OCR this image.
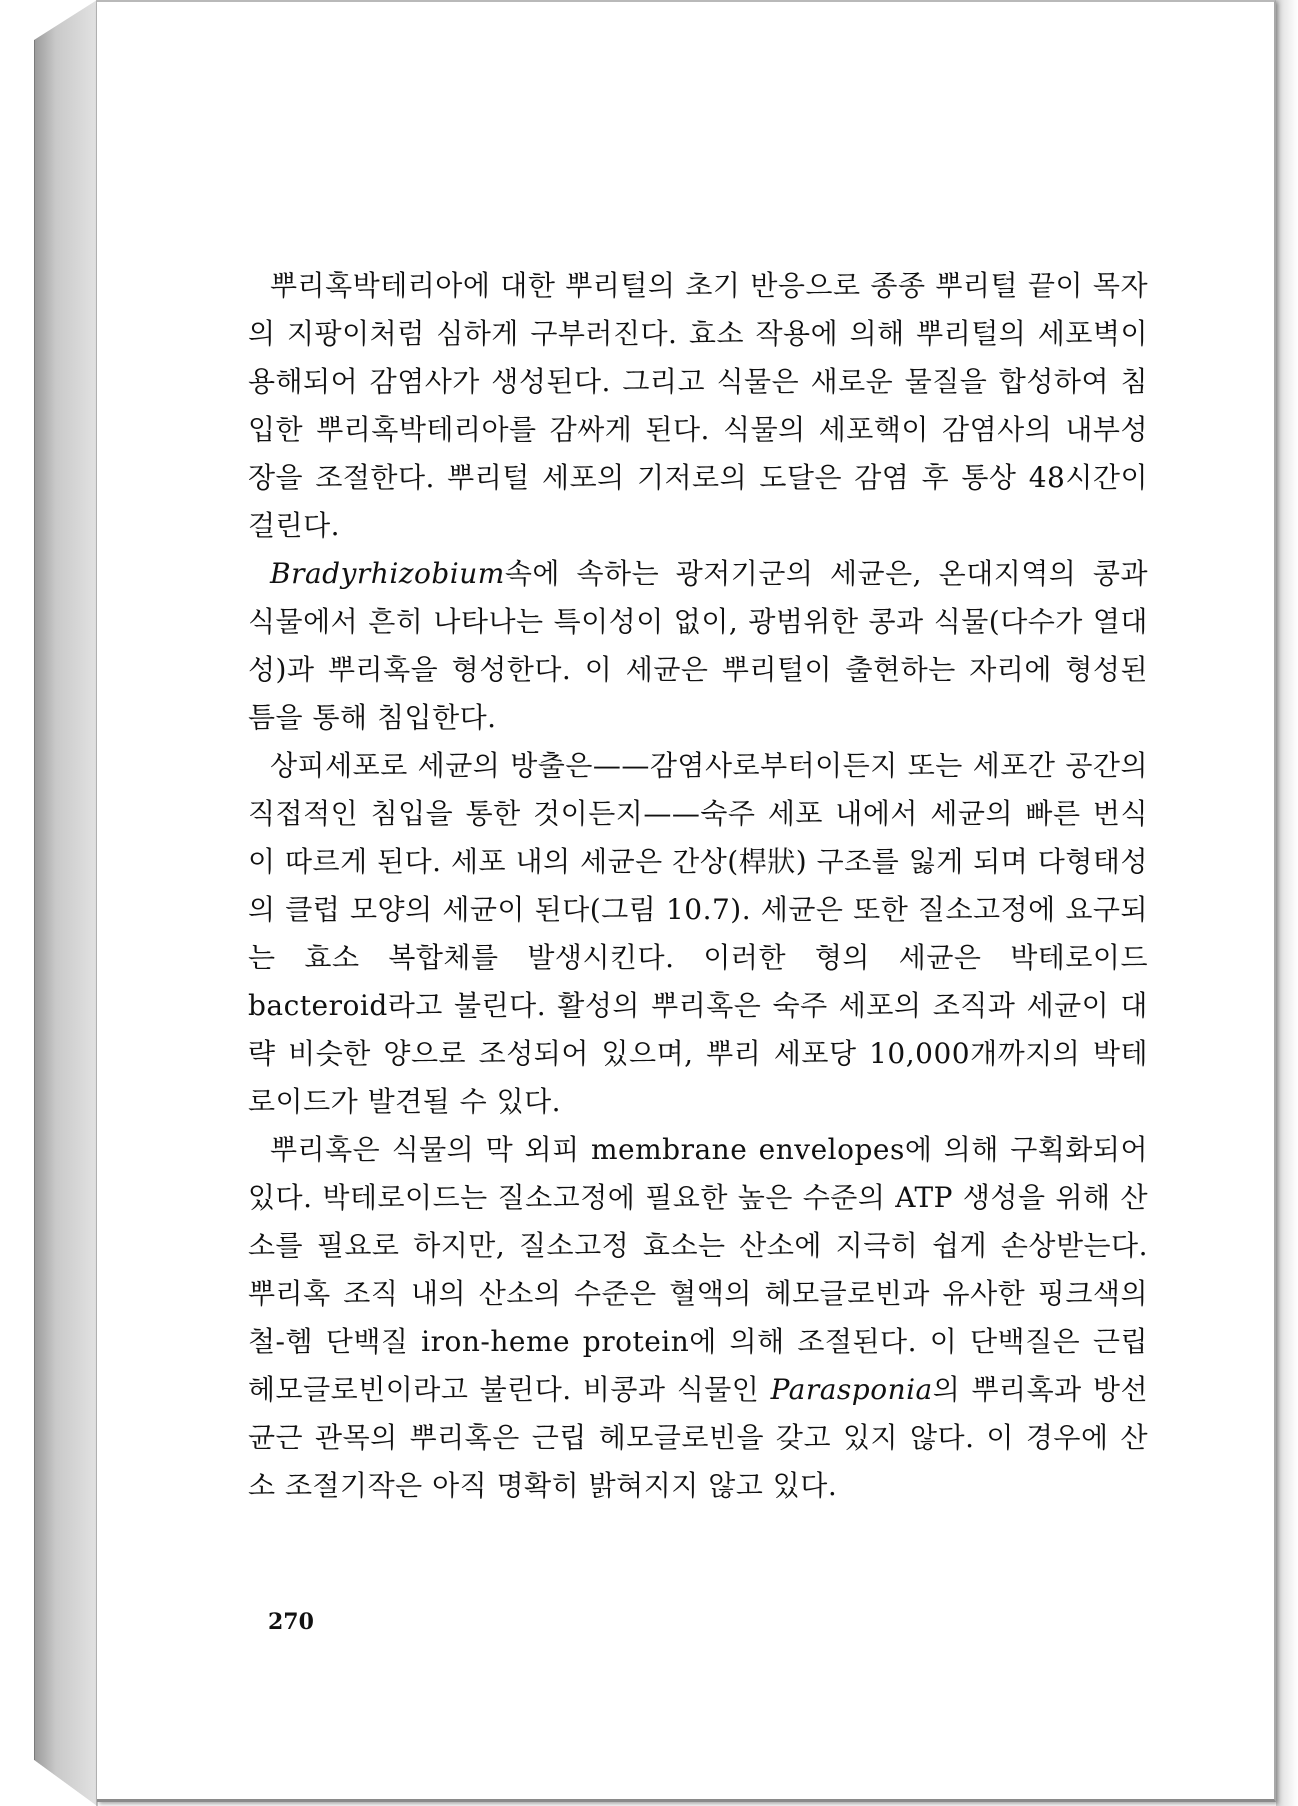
뿌리혹박테리아에 대한 뿌리털의 초기 반응으로 종종 뿌리털 끝이 목자의 지팡이처럼 심하게 구부러진다. 효소 작용에 의해 뿌리털의 세포벽이 용해되어 감염사가 생성된다. 그리고 식물은 새로운 물질을 합성하여 침입한 뿌리혹박테리아를 감싸게 된다. 식물의 세포핵이 감염사의 내부성장을 조절한다. 뿌리털 세포의 기저로의 도달은 감염 후 통상 48시간이 걸린다.

Bradyrhizobium속에 속하는 광저기군의 세균은, 온대지역의 콩과 식물에서 흔히 나타나는 특이성이 없이, 광범위한 콩과 식물(다수가 열대성)과 뿌리혹을 형성한다. 이 세균은 뿌리털이 출현하는 자리에 형성된 틈을 통해 침입한다.

상피세포로 세균의 방출은——감염사로부터이든지 또는 세포간 공간의 직접적인 침입을 통한 것이든지——숙주 세포 내에서 세균의 빠른 번식이 따르게 된다. 세포 내의 세균은 간상(桿狀) 구조를 잃게 되며 다형태성의 클럽 모양의 세균이 된다(그림 10.7). 세균은 또한 질소고정에 요구되는 효소 복합체를 발생시킨다. 이러한 형의 세균은 박테로이드 bacteroid라고 불린다. 활성의 뿌리혹은 숙주 세포의 조직과 세균이 대략 비슷한 양으로 조성되어 있으며, 뿌리 세포당 10,000개까지의 박테로이드가 발견될 수 있다.

뿌리혹은 식물의 막 외피 membrane envelopes에 의해 구획화되어 있다. 박테로이드는 질소고정에 필요한 높은 수준의 ATP 생성을 위해 산소를 필요로 하지만, 질소고정 효소는 산소에 지극히 쉽게 손상받는다. 뿌리혹 조직 내의 산소의 수준은 혈액의 헤모글로빈과 유사한 핑크색의 철-헴 단백질 iron-heme protein에 의해 조절된다. 이 단백질은 근립 헤모글로빈이라고 불린다. 비콩과 식물인 Parasponia의 뿌리혹과 방선균근 관목의 뿌리혹은 근립 헤모글로빈을 갖고 있지 않다. 이 경우에 산소 조절기작은 아직 명확히 밝혀지지 않고 있다.

270
